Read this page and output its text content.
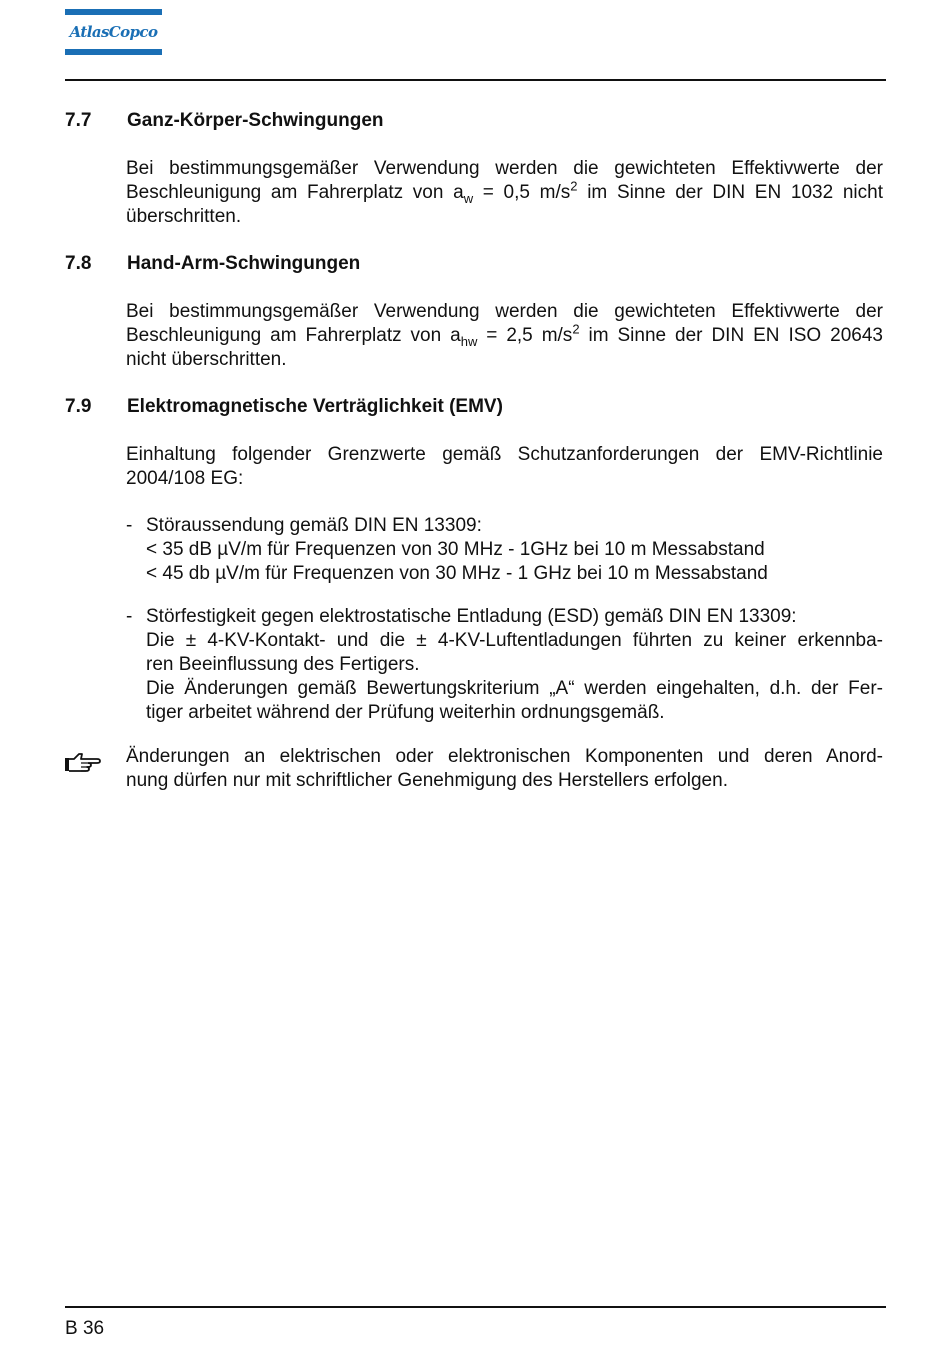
AtlasCopco
7.7 Ganz-Körper-Schwingungen
Bei bestimmungsgemäßer Verwendung werden die gewichteten Effektivwerte der
Beschleunigung am Fahrerplatz von $a_w = 0,5$ $m/s^2$ im Sinne der DIN EN 1032 nicht
überschritten.
7.8 Hand-Arm-Schwingungen
Bei bestimmungsgemäßer Verwendung werden die gewichteten Effektivwerte der
Beschleunigung am Fahrerplatz von $a_{hw} = 2,5$ $m/s^2$ im Sinne der DIN EN ISO 20643
nicht überschritten.
7.9 Elektromagnetische Verträglichkeit (EMV)
Einhaltung folgender Grenzwerte gemäß Schutzanforderungen der EMV-Richtlinie
2004/108 EG:
- Störaussendung gemäß DIN EN 13309:
< 35 dB µV/m für Frequenzen von 30 MHz - 1GHz bei 10 m Messabstand
< 45 db µV/m für Frequenzen von 30 MHz - 1 GHz bei 10 m Messabstand
- Störfestigkeit gegen elektrostatische Entladung (ESD) gemäß DIN EN 13309:
Die ± 4-KV-Kontakt- und die ± 4-KV-Luftentladungen führten zu keiner erkennba-
ren Beeinflussung des Fertigers.
Die Änderungen gemäß Bewertungskriterium „A“ werden eingehalten, d.h. der Fer-
tiger arbeitet während der Prüfung weiterhin ordnungsgemäß.
Änderungen an elektrischen oder elektronischen Komponenten und deren Anord-
nung dürfen nur mit schriftlicher Genehmigung des Herstellers erfolgen.
B 36
